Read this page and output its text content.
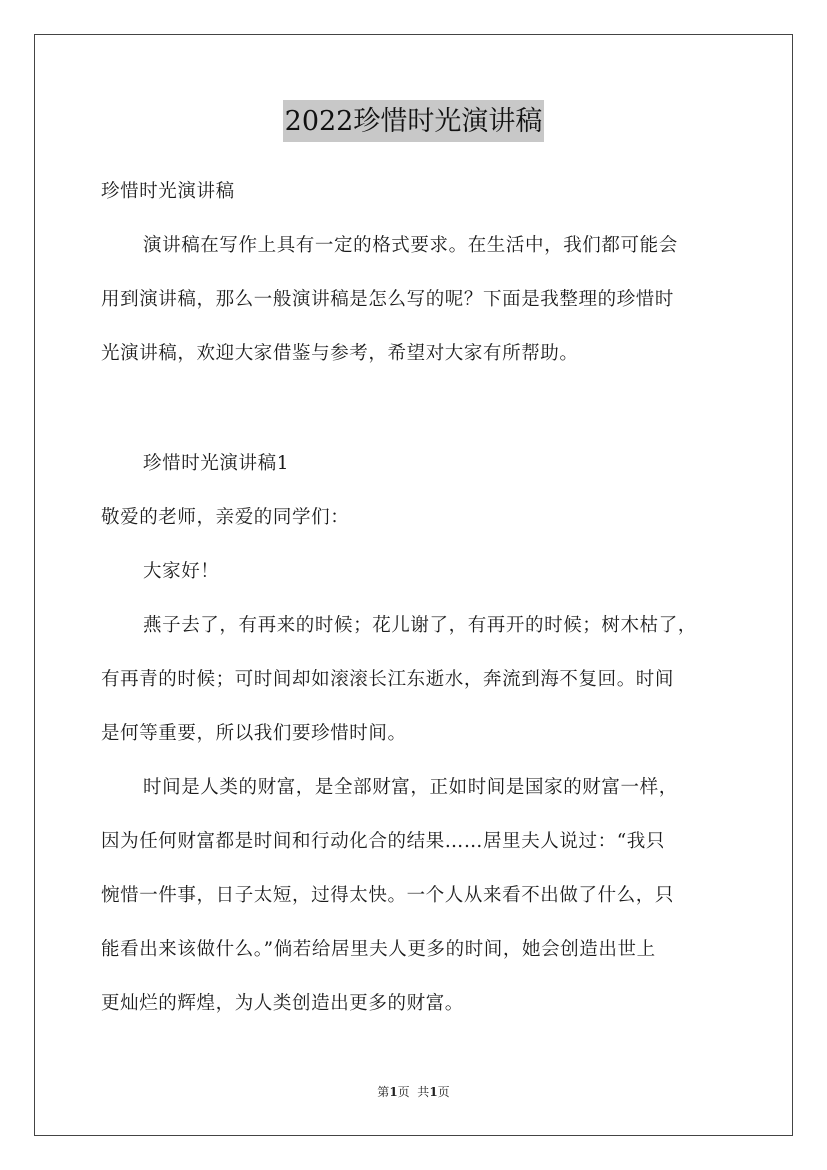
2022珍惜时光演讲稿
珍惜时光演讲稿
演讲稿在写作上具有一定的格式要求。在生活中，我们都可能会
用到演讲稿，那么一般演讲稿是怎么写的呢？下面是我整理的珍惜时
光演讲稿，欢迎大家借鉴与参考，希望对大家有所帮助。
珍惜时光演讲稿1
敬爱的老师，亲爱的同学们：
大家好！
燕子去了，有再来的时候；花儿谢了，有再开的时候；树木枯了，
有再青的时候；可时间却如滚滚长江东逝水，奔流到海不复回。时间
是何等重要，所以我们要珍惜时间。
时间是人类的财富，是全部财富，正如时间是国家的财富一样，
因为任何财富都是时间和行动化合的结果……居里夫人说过：“我只
惋惜一件事，日子太短，过得太快。一个人从来看不出做了什么，只
能看出来该做什么。”倘若给居里夫人更多的时间，她会创造出世上
更灿烂的辉煌，为人类创造出更多的财富。
第1页  共1页
